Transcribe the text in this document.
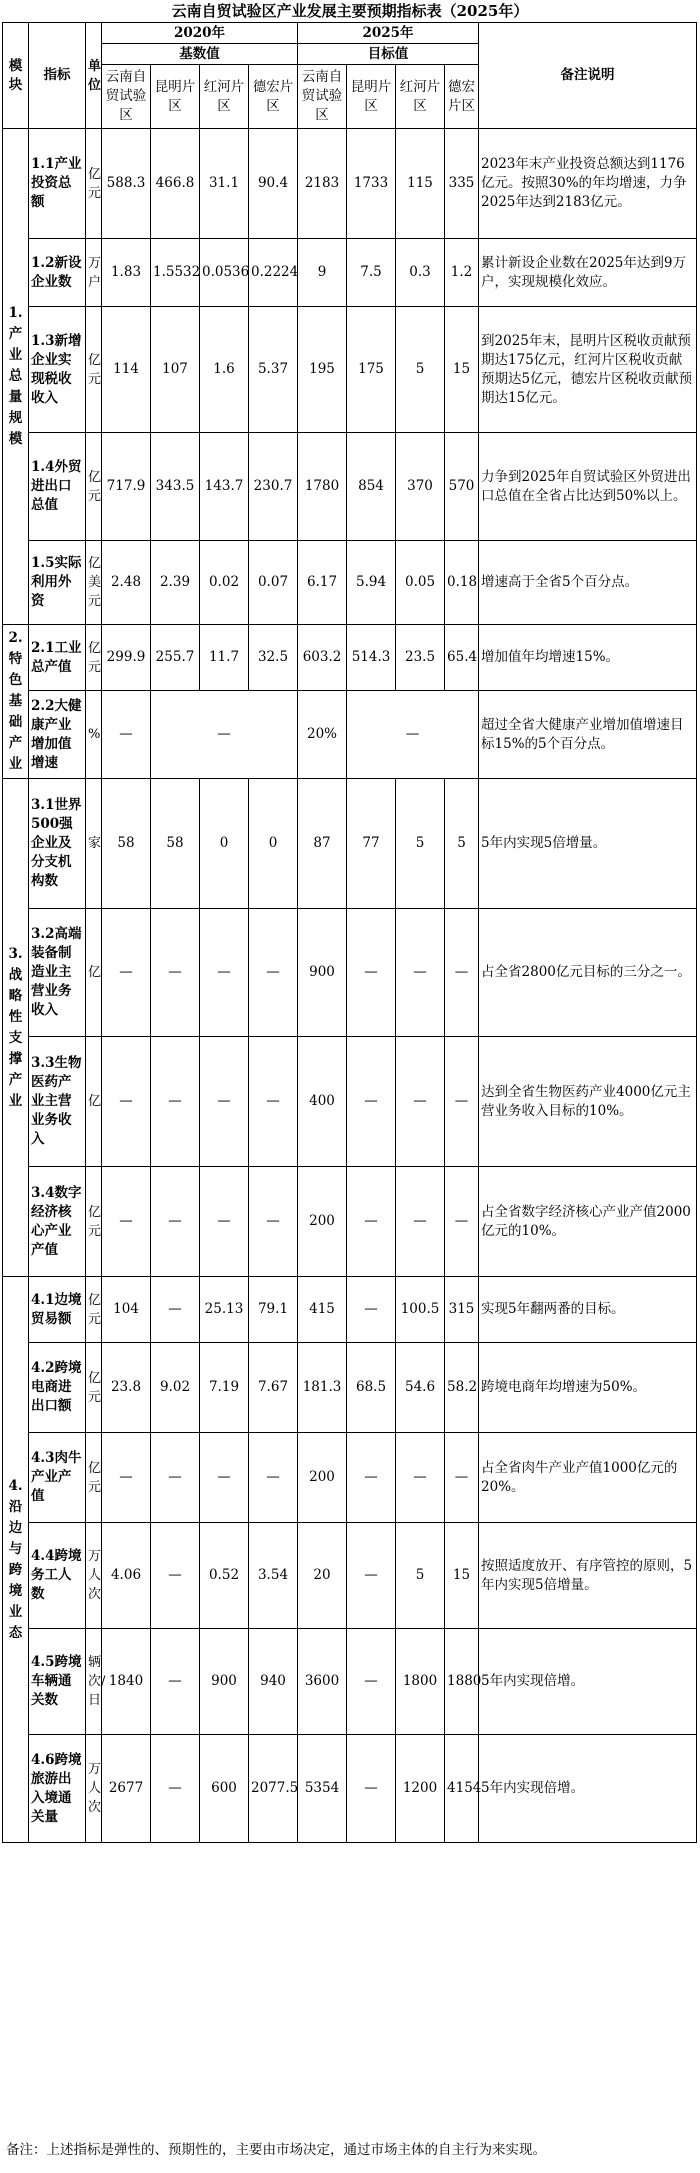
云南自贸试验区产业发展主要预期指标表（2025年）
模块	指标	单位	2020年				2025年				备注说明
			基数值				目标值				
			云南自贸试验区	昆明片区	红河片区	德宏片区	云南自贸试验区	昆明片区	红河片区	德宏片区	
1.产业总量规模	1.1产业投资总额	亿元	588.3	466.8	31.1	90.4	2183	1733	115	335	2023年末产业投资总额达到1176亿元。按照30%的年均增速，力争2025年达到2183亿元。
	1.2新设企业数	万户	1.83	1.5532	0.0536	0.2224	9	7.5	0.3	1.2	累计新设企业数在2025年达到9万户，实现规模化效应。
	1.3新增企业实现税收收入	亿元	114	107	1.6	5.37	195	175	5	15	到2025年末，昆明片区税收贡献预期达175亿元，红河片区税收贡献预期达5亿元，德宏片区税收贡献预期达15亿元。
	1.4外贸进出口总值	亿元	717.9	343.5	143.7	230.7	1780	854	370	570	力争到2025年自贸试验区外贸进出口总值在全省占比达到50%以上。
	1.5实际利用外资	亿美元	2.48	2.39	0.02	0.07	6.17	5.94	0.05	0.18	增速高于全省5个百分点。
2.特色基础产业	2.1工业总产值	亿元	299.9	255.7	11.7	32.5	603.2	514.3	23.5	65.4	增加值年均增速15%。
	2.2大健康产业增加值增速	%	—	—			20%	—			超过全省大健康产业增加值增速目标15%的5个百分点。
3.战略性支撑产业	3.1世界500强企业及分支机构数	家	58	58	0	0	87	77	5	5	5年内实现5倍增量。
	3.2高端装备制造业主营业务收入	亿	—	—	—	—	900	—	—	—	占全省2800亿元目标的三分之一。
	3.3生物医药产业主营业务收入	亿	—	—	—	—	400	—	—	—	达到全省生物医药产业4000亿元主营业务收入目标的10%。
	3.4数字经济核心产业产值	亿元	—	—	—	—	200	—	—	—	占全省数字经济核心产业产值2000亿元的10%。
4.沿边与跨境业态	4.1边境贸易额	亿元	104	—	25.13	79.1	415	—	100.5	315	实现5年翻两番的目标。
	4.2跨境电商进出口额	亿元	23.8	9.02	7.19	7.67	181.3	68.5	54.6	58.2	跨境电商年均增速为50%。
	4.3肉牛产业产值	亿元	—	—	—	—	200	—	—	—	占全省肉牛产业产值1000亿元的20%。
	4.4跨境务工人数	万人次	4.06	—	0.52	3.54	20	—	5	15	按照适度放开、有序管控的原则，5年内实现5倍增量。
	4.5跨境车辆通关数	辆次/日	1840	—	900	940	3600	—	1800	1880	5年内实现倍增。
	4.6跨境旅游出入境通关量	万人次	2677	—	600	2077.5	5354	—	1200	4154	5年内实现倍增。
备注：上述指标是弹性的、预期性的，主要由市场决定，通过市场主体的自主行为来实现。
